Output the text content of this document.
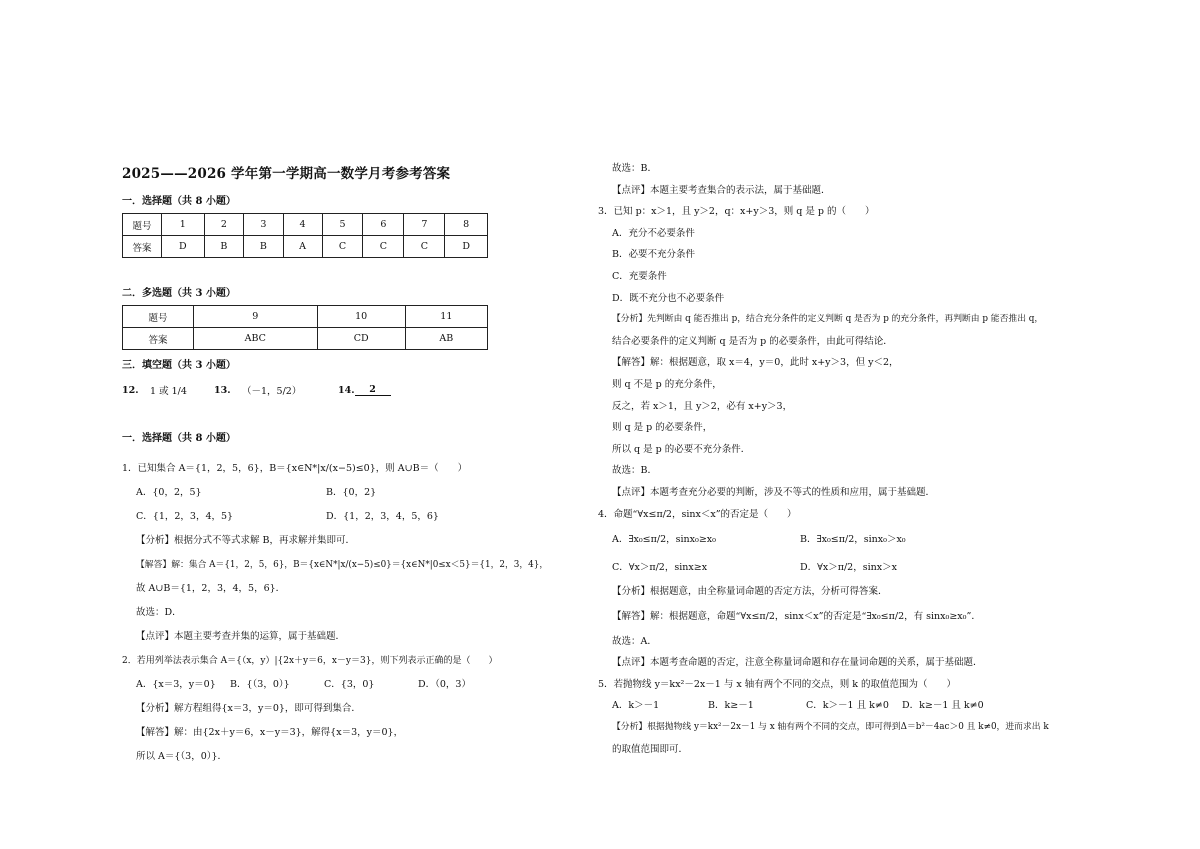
2025——2026 学年第一学期高一数学月考参考答案

一．选择题（共 8 小题）

题号	1	2	3	4	5	6	7	8
答案	D	B	B	A	C	C	C	D

二．多选题（共 3 小题）

题号	9	10	11
答案	ABC	CD	AB

三．填空题（共 3 小题）

12.	1 或 1/4	13.	（－1，5/2）	14.	2

一．选择题（共 8 小题）

1．已知集合 A＝{1，2，5，6}，B＝{x∈N*|x/(x−5)≤0}，则 A∪B＝（　　）

A．{0，2，5}	B．{0，2}
C．{1，2，3，4，5}	D．{1，2，3，4，5，6}

【分析】根据分式不等式求解 B，再求解并集即可．

【解答】解：集合 A＝{1，2，5，6}，B＝{x∈N*|x/(x−5)≤0}＝{x∈N*|0≤x＜5}＝{1，2，3，4}，

故 A∪B＝{1，2，3，4，5，6}．

故选：D．

【点评】本题主要考查并集的运算，属于基础题．

2．若用列举法表示集合 A＝{（x，y）|{2x＋y＝6，x－y＝3}，则下列表示正确的是（　　）

A．{x＝3，y＝0}	B．{（3，0）}	C．{3，0}	D．（0，3）

【分析】解方程组得{x＝3，y＝0}，即可得到集合．

【解答】解：由{2x＋y＝6，x－y＝3}，解得{x＝3，y＝0}，

所以 A＝{（3，0）}．

故选：B．

【点评】本题主要考查集合的表示法，属于基础题．

3．已知 p：x＞1，且 y＞2，q：x+y＞3，则 q 是 p 的（　　）

A．充分不必要条件

B．必要不充分条件

C．充要条件

D．既不充分也不必要条件

【分析】先判断由 q 能否推出 p，结合充分条件的定义判断 q 是否为 p 的充分条件，再判断由 p 能否推出 q，

结合必要条件的定义判断 q 是否为 p 的必要条件，由此可得结论．

【解答】解：根据题意，取 x＝4，y＝0，此时 x+y＞3，但 y＜2，

则 q 不是 p 的充分条件，

反之，若 x＞1，且 y＞2，必有 x+y＞3，

则 q 是 p 的必要条件，

所以 q 是 p 的必要不充分条件．

故选：B．

【点评】本题考查充分必要的判断，涉及不等式的性质和应用，属于基础题．

4．命题“∀x≤π/2，sinx＜x”的否定是（　　）

A．∃x₀≤π/2，sinx₀≥x₀	B．∃x₀≤π/2，sinx₀＞x₀
C．∀x＞π/2，sinx≥x	D．∀x＞π/2，sinx＞x

【分析】根据题意，由全称量词命题的否定方法，分析可得答案．

【解答】解：根据题意，命题“∀x≤π/2，sinx＜x”的否定是“∃x₀≤π/2，有 sinx₀≥x₀”．

故选：A．

【点评】本题考查命题的否定，注意全称量词命题和存在量词命题的关系，属于基础题．

5．若抛物线 y＝kx²－2x－1 与 x 轴有两个不同的交点，则 k 的取值范围为（　　）

A．k＞－1	B．k≥－1	C．k＞－1 且 k≠0	D．k≥－1 且 k≠0

【分析】根据抛物线 y＝kx²－2x－1 与 x 轴有两个不同的交点，即可得到Δ＝b²－4ac＞0 且 k≠0，进而求出 k

的取值范围即可．
